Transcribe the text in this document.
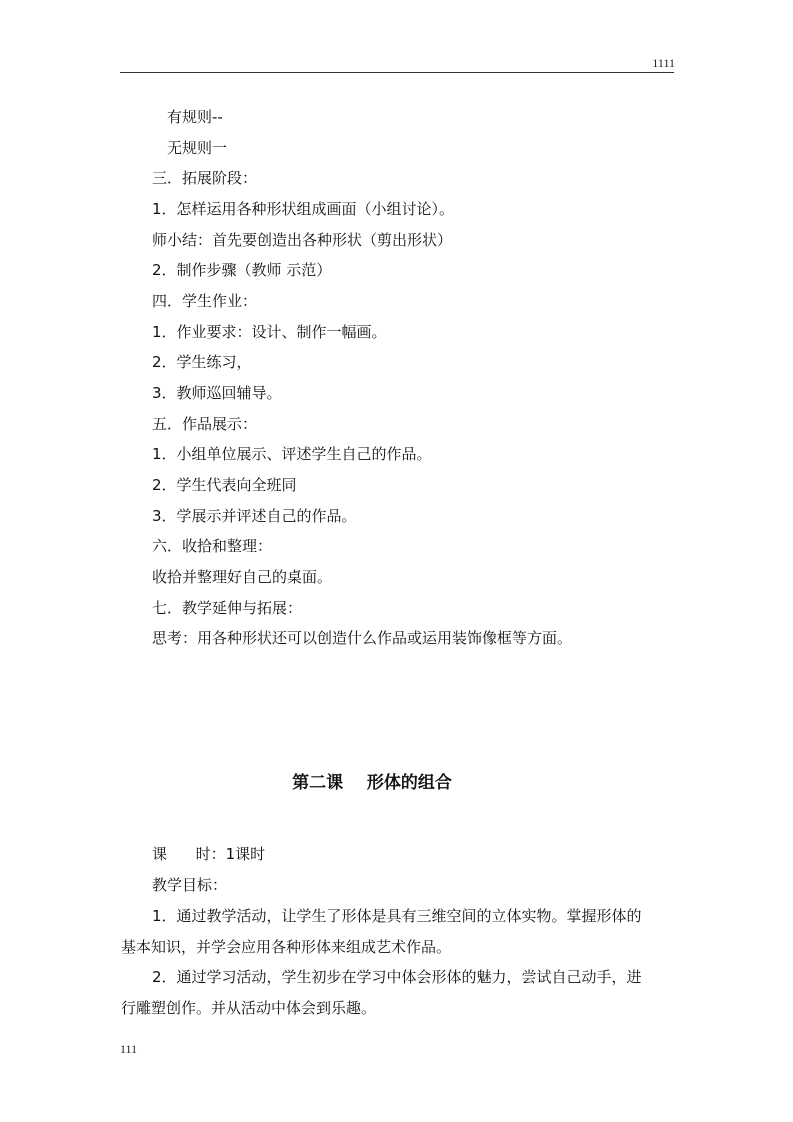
1111
有规则--
无规则一
三．拓展阶段：
1．怎样运用各种形状组成画面（小组讨论）。
师小结：首先要创造出各种形状（剪出形状）
2．制作步骤（教师 示范）
四．学生作业：
1．作业要求：设计、制作一幅画。
2．学生练习，
3．教师巡回辅导。
五．作品展示：
1．小组单位展示、评述学生自己的作品。
2．学生代表向全班同
3．学展示并评述自己的作品。
六．收拾和整理：
收拾并整理好自己的桌面。
七．教学延伸与拓展：
思考：用各种形状还可以创造什么作品或运用装饰像框等方面。
第二课    形体的组合
课      时：1课时
教学目标：
1．通过教学活动，让学生了形体是具有三维空间的立体实物。掌握形体的
基本知识，并学会应用各种形体来组成艺术作品。
2．通过学习活动，学生初步在学习中体会形体的魅力，尝试自己动手，进
行雕塑创作。并从活动中体会到乐趣。
111
